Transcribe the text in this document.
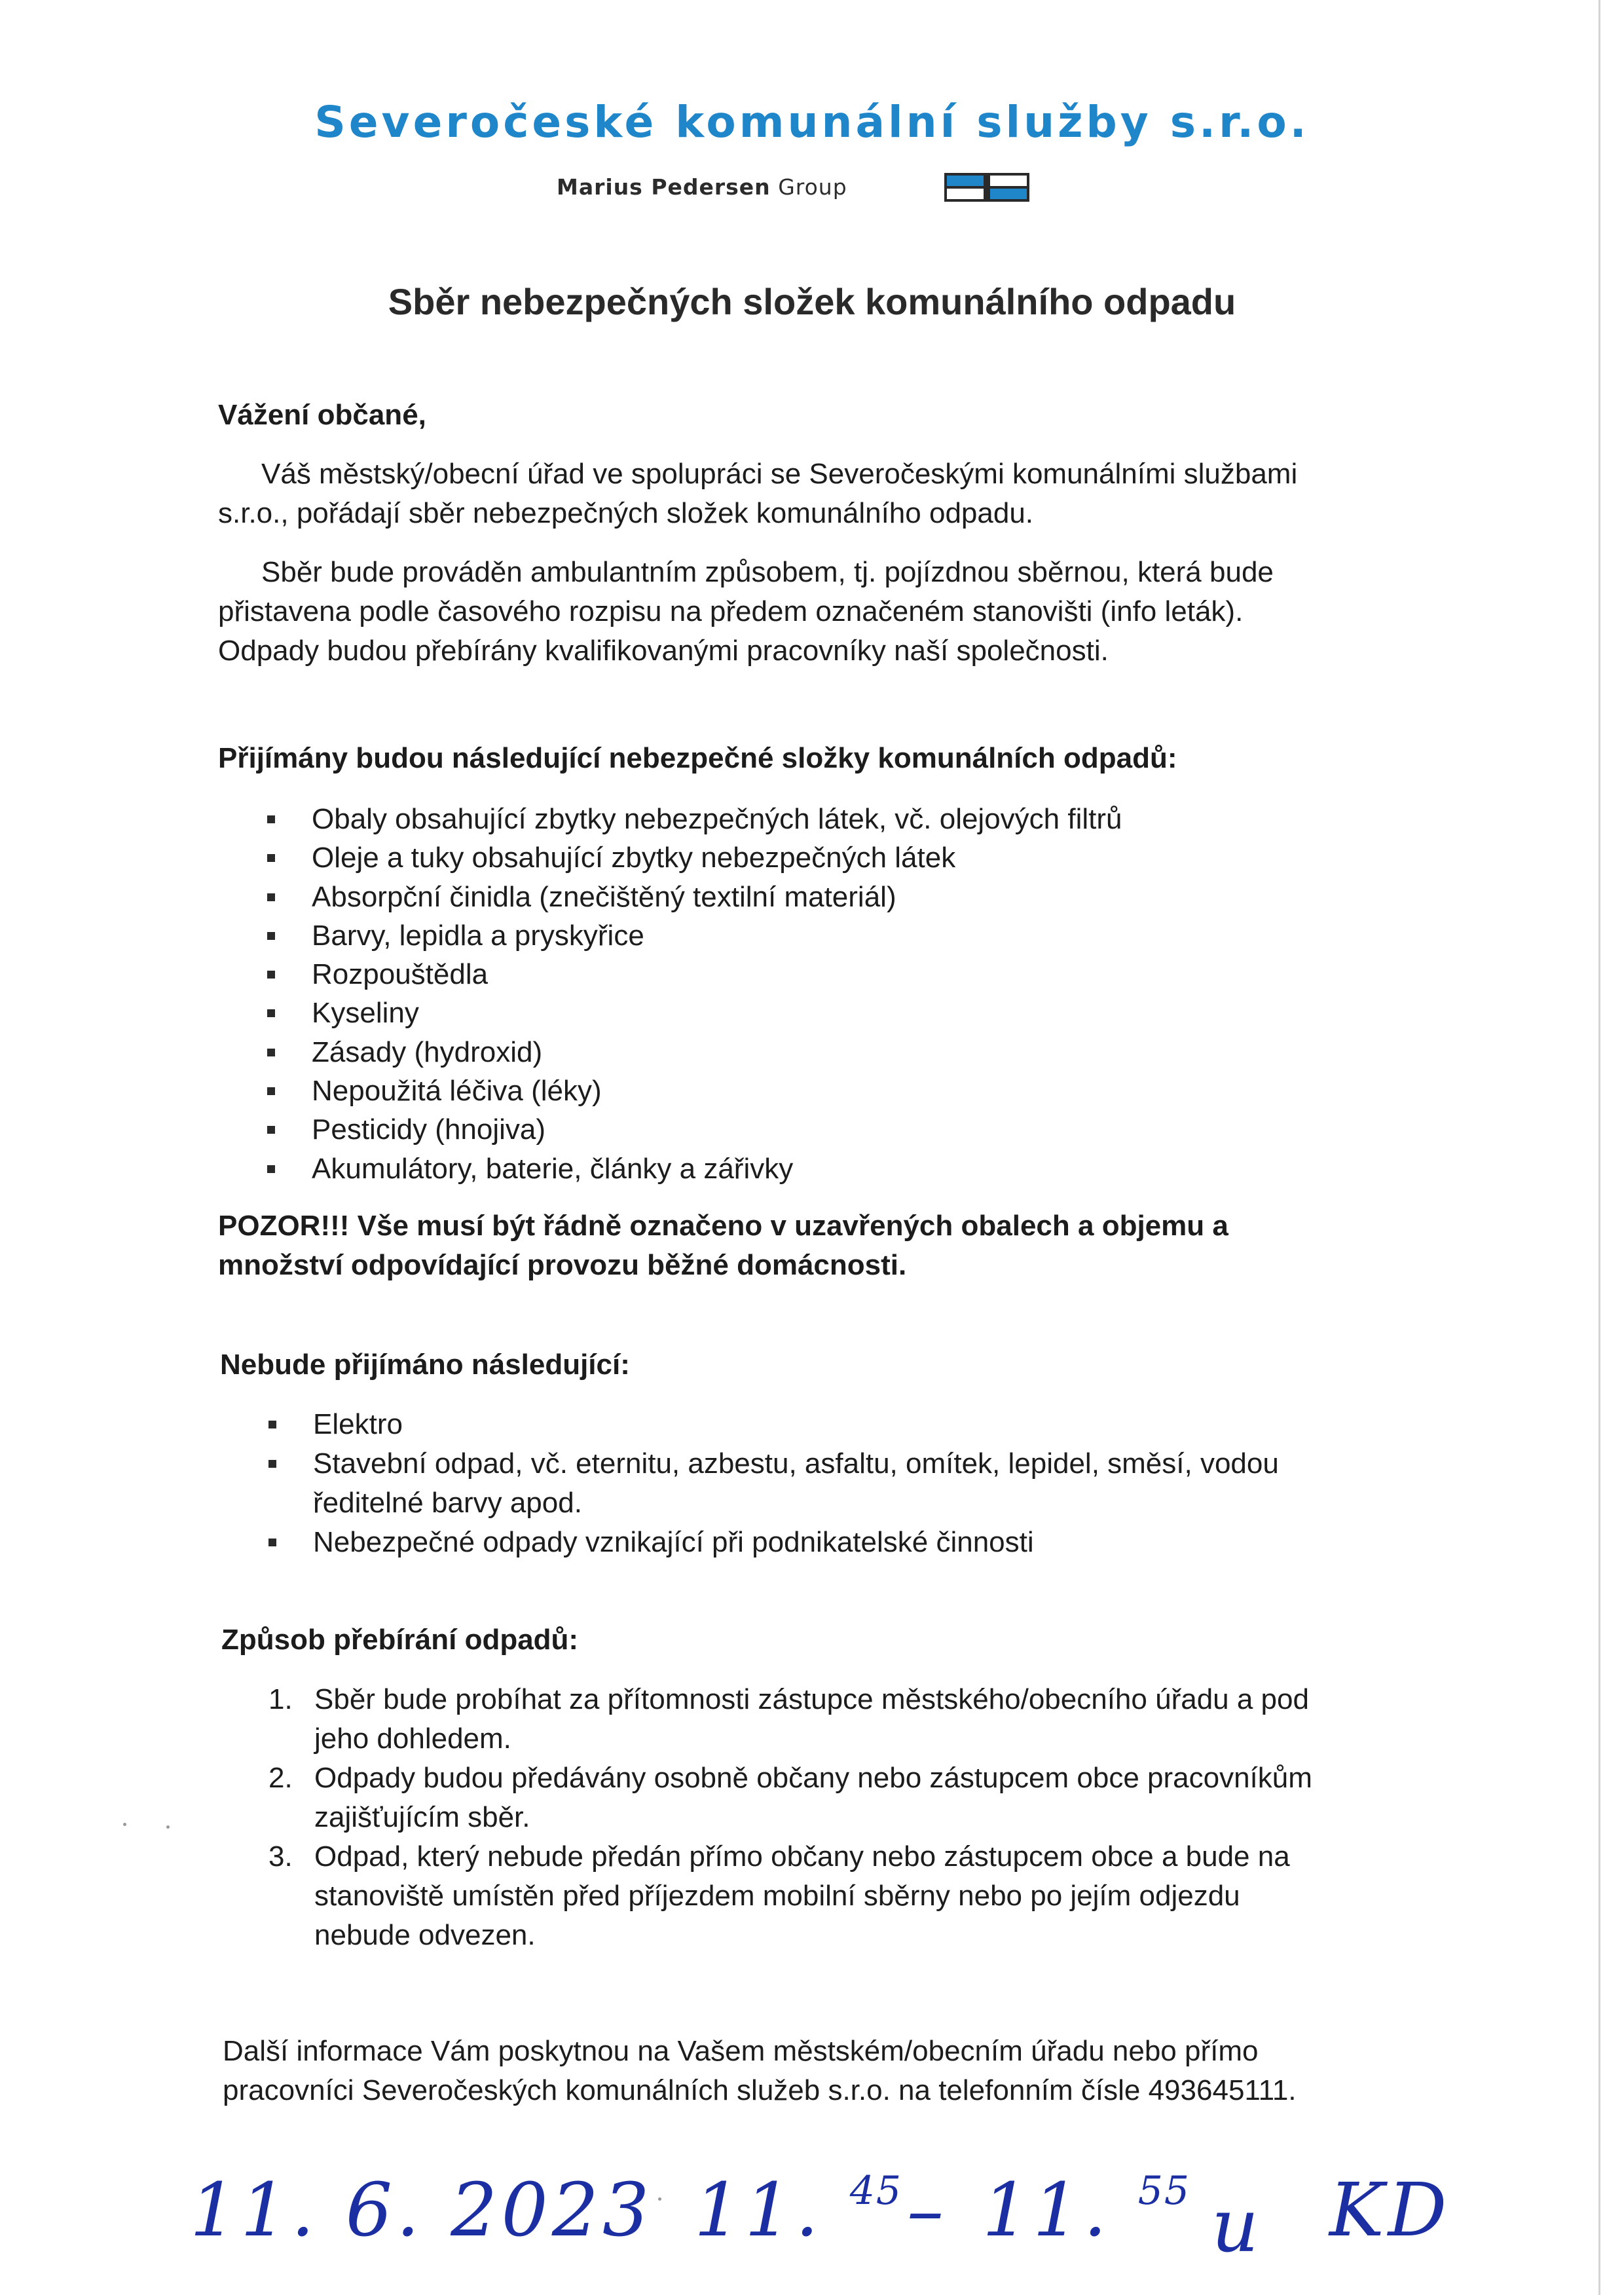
Severočeské komunální služby s.r.o.
Marius Pedersen Group
Sběr nebezpečných složek komunálního odpadu
Vážení občané,
Váš městský/obecní úřad ve spolupráci se Severočeskými komunálními službami
s.r.o., pořádají sběr nebezpečných složek komunálního odpadu.
Sběr bude prováděn ambulantním způsobem, tj. pojízdnou sběrnou, která bude
přistavena podle časového rozpisu na předem označeném stanovišti (info leták).
Odpady budou přebírány kvalifikovanými pracovníky naší společnosti.
Přijímány budou následující nebezpečné složky komunálních odpadů:
Obaly obsahující zbytky nebezpečných látek, vč. olejových filtrů
Oleje a tuky obsahující zbytky nebezpečných látek
Absorpční činidla (znečištěný textilní materiál)
Barvy, lepidla a pryskyřice
Rozpouštědla
Kyseliny
Zásady (hydroxid)
Nepoužitá léčiva (léky)
Pesticidy (hnojiva)
Akumulátory, baterie, články a zářivky
POZOR!!! Vše musí být řádně označeno v uzavřených obalech a objemu a
množství odpovídající provozu běžné domácnosti.
Nebude přijímáno následující:
Elektro
Stavební odpad, vč. eternitu, azbestu, asfaltu, omítek, lepidel, směsí, vodou
ředitelné barvy apod.
Nebezpečné odpady vznikající při podnikatelské činnosti
Způsob přebírání odpadů:
1. Sběr bude probíhat za přítomnosti zástupce městského/obecního úřadu a pod
jeho dohledem.
2. Odpady budou předávány osobně občany nebo zástupcem obce pracovníkům
zajišťujícím sběr.
3. Odpad, který nebude předán přímo občany nebo zástupcem obce a bude na
stanoviště umístěn před příjezdem mobilní sběrny nebo po jejím odjezdu
nebude odvezen.
Další informace Vám poskytnou na Vašem městském/obecním úřadu nebo přímo
pracovníci Severočeských komunálních služeb s.r.o. na telefonním čísle 493645111.
11. 6. 2023 11. $^{45}$ – 11. $^{55}$ u KD
